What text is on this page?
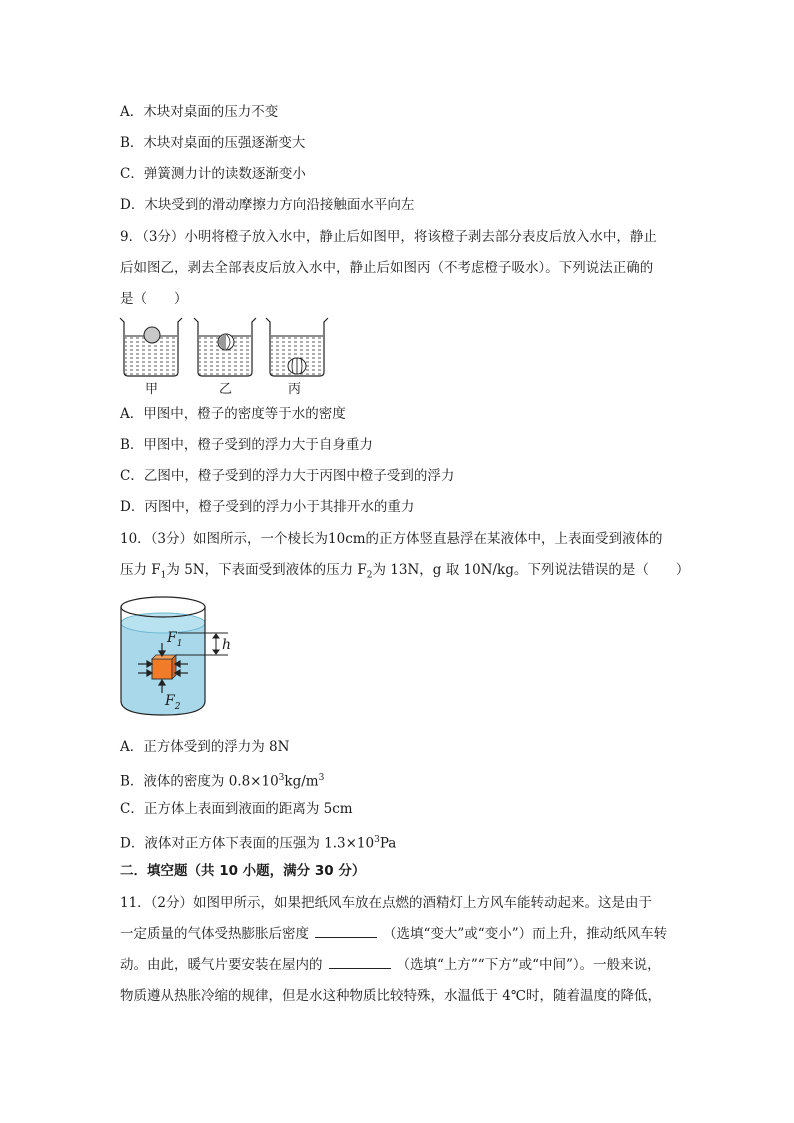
A．木块对桌面的压力不变
B．木块对桌面的压强逐渐变大
C．弹簧测力计的读数逐渐变小
D．木块受到的滑动摩擦力方向沿接触面水平向左
9．（3分）小明将橙子放入水中，静止后如图甲，将该橙子剥去部分表皮后放入水中，静止
后如图乙，剥去全部表皮后放入水中，静止后如图丙（不考虑橙子吸水）。下列说法正确的
是（　　）
甲	乙	丙
A．甲图中，橙子的密度等于水的密度
B．甲图中，橙子受到的浮力大于自身重力
C．乙图中，橙子受到的浮力大于丙图中橙子受到的浮力
D．丙图中，橙子受到的浮力小于其排开水的重力
10．（3分）如图所示，一个棱长为10cm的正方体竖直悬浮在某液体中，上表面受到液体的
压力 $F_1$为 5N，下表面受到液体的压力 $F_2$为 13N，g 取 10N/kg。下列说法错误的是（　　）
$F_1$
$F_2$
h
A．正方体受到的浮力为 8N
B．液体的密度为 $0.8\times 10^3kg/m^3$
C．正方体上表面到液面的距离为 5cm
D．液体对正方体下表面的压强为 $1.3\times 10^3Pa$
二．填空题（共 10 小题，满分 30 分）
11．（2分）如图甲所示，如果把纸风车放在点燃的酒精灯上方风车能转动起来。这是由于
一定质量的气体受热膨胀后密度	（选填“变大”或“变小”）而上升，推动纸风车转
动。由此，暖气片要安装在屋内的	（选填“上方”“下方”或“中间”）。一般来说，
物质遵从热胀冷缩的规律，但是水这种物质比较特殊，水温低于 4℃时，随着温度的降低，
